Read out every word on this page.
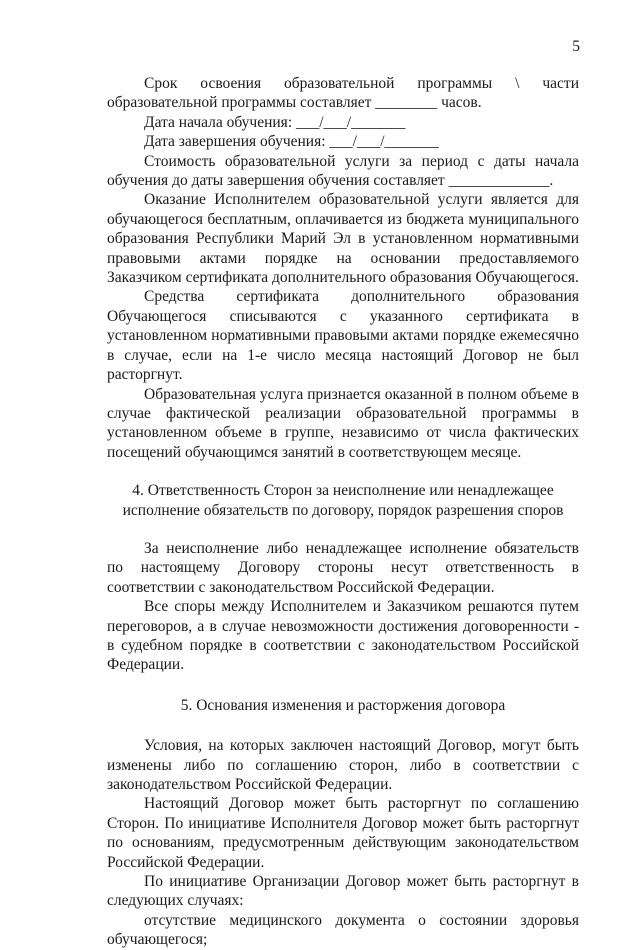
5

Срок освоения образовательной программы \ части образовательной программы составляет ________ часов.

Дата начала обучения: ___/___/_______

Дата завершения обучения: ___/___/_______

Стоимость образовательной услуги за период с даты начала обучения до даты завершения обучения составляет _____________.

Оказание Исполнителем образовательной услуги является для обучающегося бесплатным, оплачивается из бюджета муниципального образования Республики Марий Эл в установленном нормативными правовыми актами порядке на основании предоставляемого Заказчиком сертификата дополнительного образования Обучающегося.

Средства сертификата дополнительного образования Обучающегося списываются с указанного сертификата в установленном нормативными правовыми актами порядке ежемесячно в случае, если на 1-е число месяца настоящий Договор не был расторгнут.

Образовательная услуга признается оказанной в полном объеме в случае фактической реализации образовательной программы в установленном объеме в группе, независимо от числа фактических посещений обучающимся занятий в соответствующем месяце.

4. Ответственность Сторон за неисполнение или ненадлежащее исполнение обязательств по договору, порядок разрешения споров

За неисполнение либо ненадлежащее исполнение обязательств по настоящему Договору стороны несут ответственность в соответствии с законодательством Российской Федерации.

Все споры между Исполнителем и Заказчиком решаются путем переговоров, а в случае невозможности достижения договоренности - в судебном порядке в соответствии с законодательством Российской Федерации.

5. Основания изменения и расторжения договора

Условия, на которых заключен настоящий Договор, могут быть изменены либо по соглашению сторон, либо в соответствии с законодательством Российской Федерации.

Настоящий Договор может быть расторгнут по соглашению Сторон. По инициативе Исполнителя Договор может быть расторгнут по основаниям, предусмотренным действующим законодательством Российской Федерации.

По инициативе Организации Договор может быть расторгнут в следующих случаях:

отсутствие медицинского документа о состоянии здоровья обучающегося;
